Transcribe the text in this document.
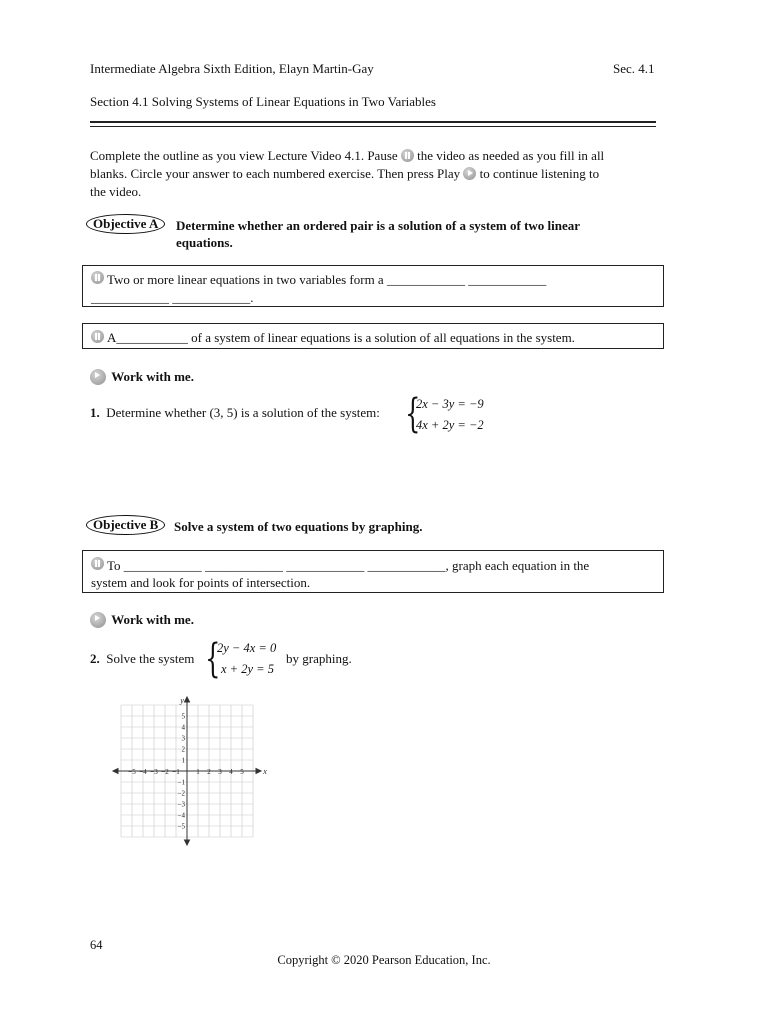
Intermediate Algebra Sixth Edition, Elayn Martin-Gay	Sec. 4.1
Section 4.1 Solving Systems of Linear Equations in Two Variables
Complete the outline as you view Lecture Video 4.1. Pause the video as needed as you fill in all
blanks. Circle your answer to each numbered exercise. Then press Play to continue listening to
the video.
Objective A	Determine whether an ordered pair is a solution of a system of two linear
equations.
Two or more linear equations in two variables form a ____________ ____________
____________ ____________.
A___________ of a system of linear equations is a solution of all equations in the system.
Work with me.
1. Determine whether (3, 5) is a solution of the system: {
2x − 3y = −9
4x + 2y = −2
Objective B	Solve a system of two equations by graphing.
To ____________ ____________ ____________ ____________, graph each equation in the
system and look for points of intersection.
Work with me.
2. Solve the system {
2y − 4x = 0
x + 2y = 5
by graphing.
−5 −4 −3 −2 −1 1 2 3 4 5
5
4
3
2
1
−1
−2
−3
−4
−5
x
y
64
Copyright © 2020 Pearson Education, Inc.
